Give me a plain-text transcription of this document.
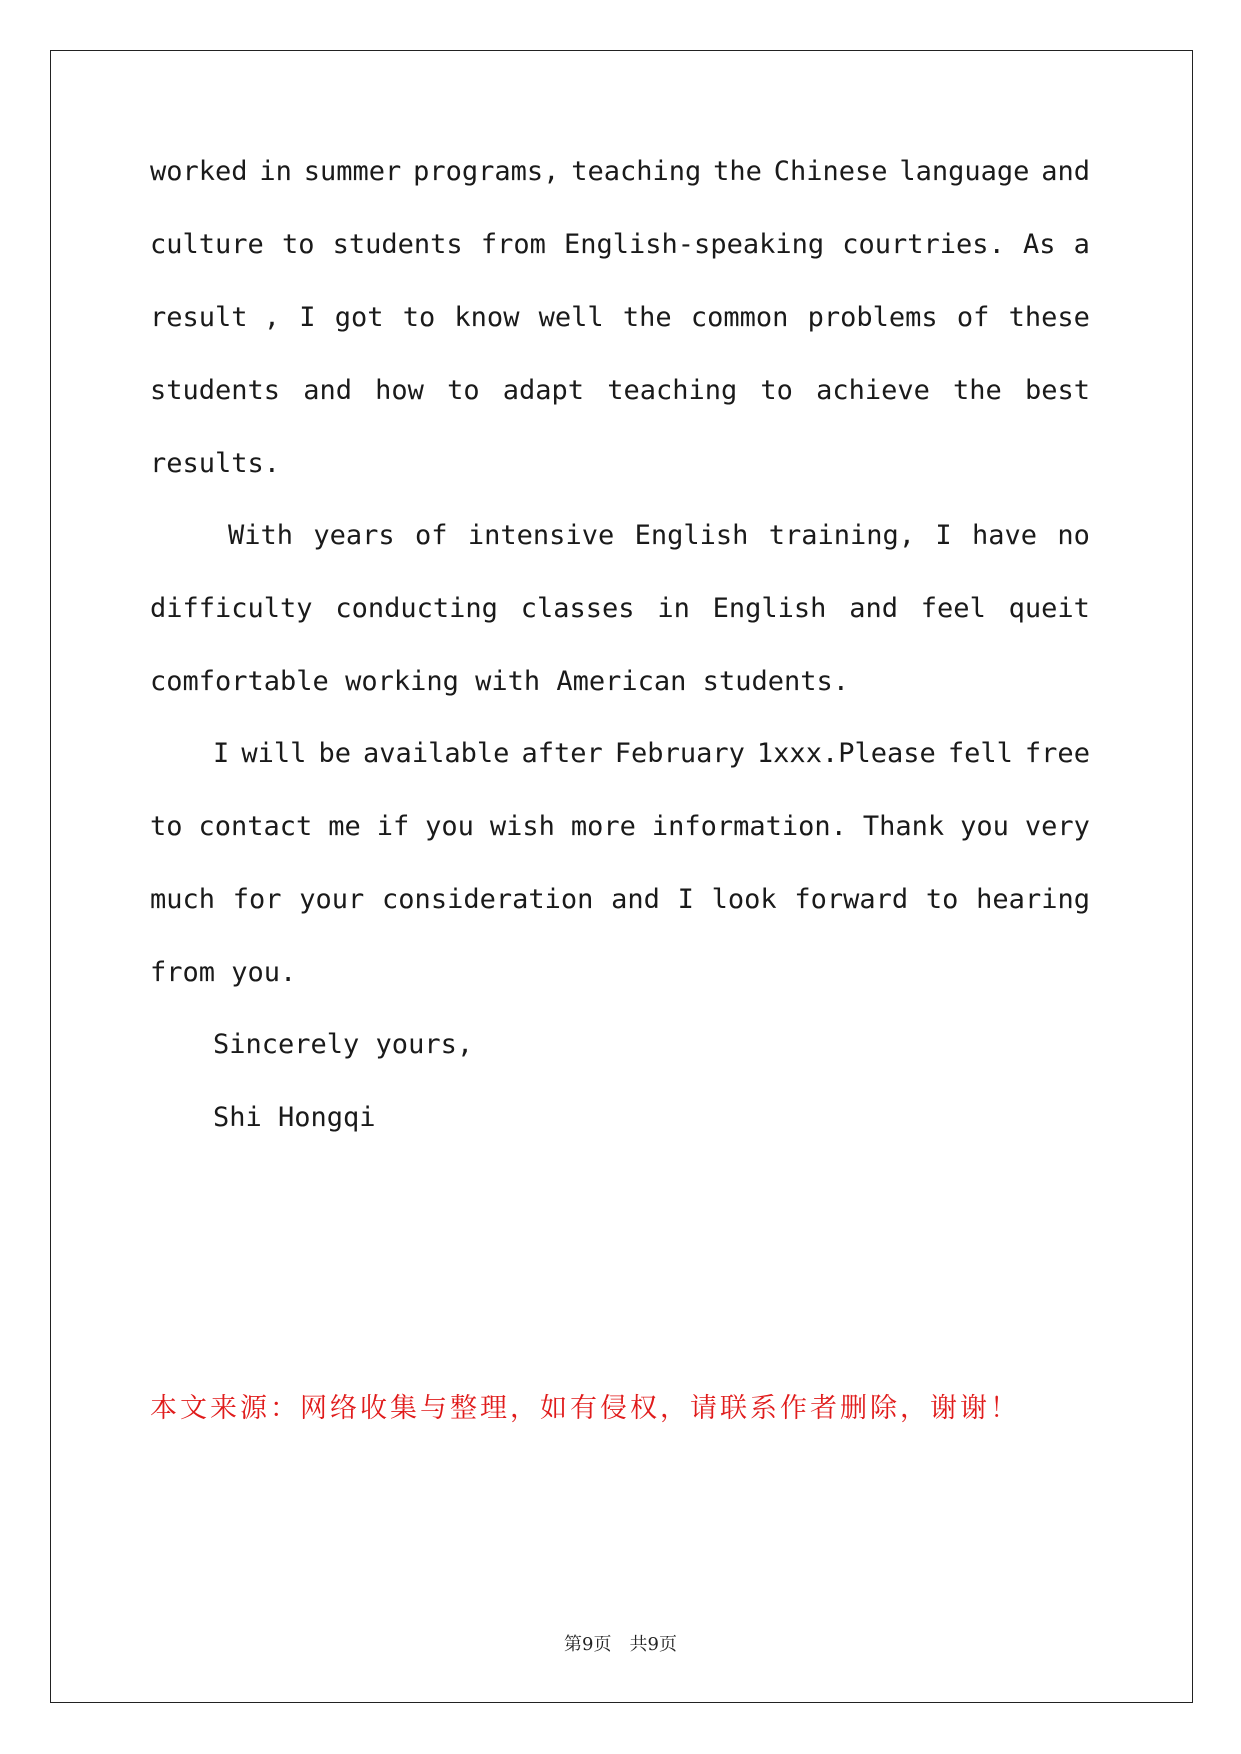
worked in summer programs, teaching the Chinese language and
culture to students from English-speaking courtries. As a
result , I got to know well the common problems of these
students and how to adapt teaching to achieve the best
results.
With years of intensive English training, I have no
difficulty conducting classes in English and feel queit
comfortable working with American students.
I will be available after February 1xxx.Please fell free
to contact me if you wish more information. Thank you very
much for your consideration and I look forward to hearing
from you.
Sincerely yours,
Shi Hongqi
本文来源：网络收集与整理，如有侵权，请联系作者删除，谢谢！
第9页　共9页
